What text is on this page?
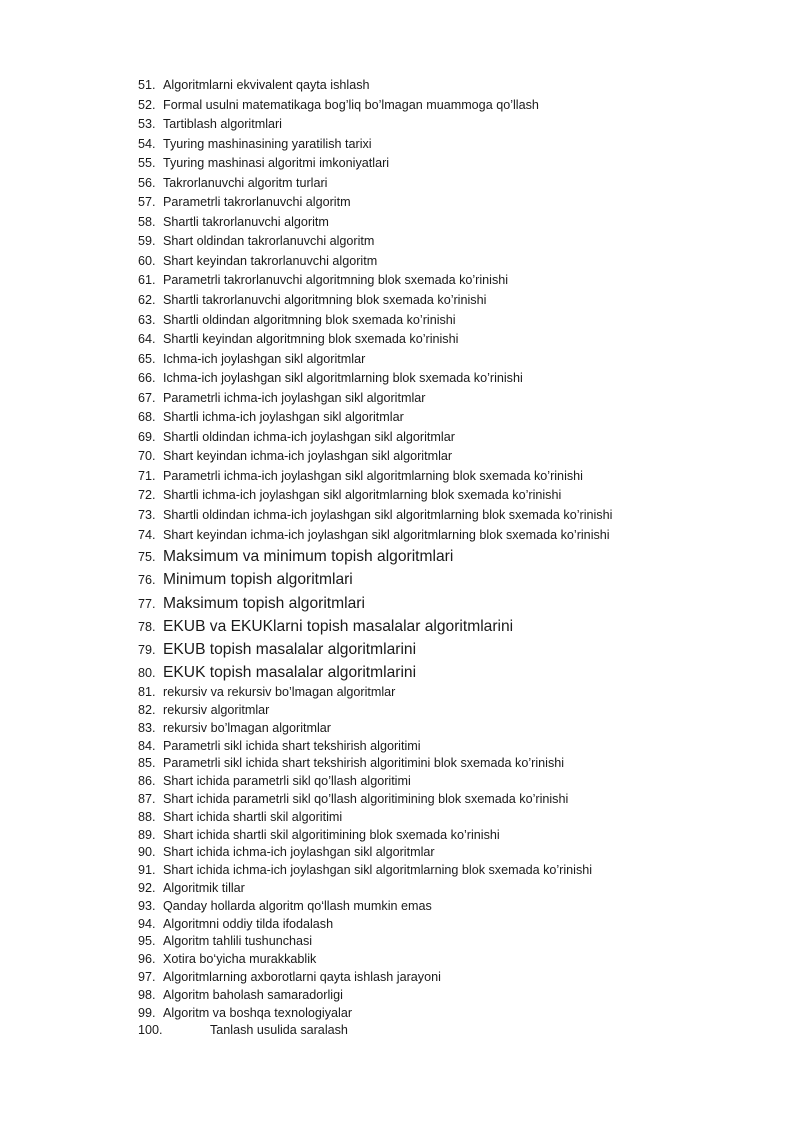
51. Algoritmlarni ekvivalent qayta ishlash
52. Formal usulni matematikaga bog’liq bo’lmagan muammoga qo’llash
53. Tartiblash algoritmlari
54. Tyuring mashinasining yaratilish tarixi
55. Tyuring mashinasi algoritmi imkoniyatlari
56. Takrorlanuvchi algoritm turlari
57. Parametrli takrorlanuvchi algoritm
58. Shartli takrorlanuvchi algoritm
59. Shart oldindan takrorlanuvchi algoritm
60. Shart keyindan takrorlanuvchi algoritm
61. Parametrli takrorlanuvchi algoritmning blok sxemada ko’rinishi
62. Shartli takrorlanuvchi algoritmning blok sxemada ko’rinishi
63. Shartli oldindan algoritmning blok sxemada ko’rinishi
64. Shartli keyindan algoritmning blok sxemada ko’rinishi
65. Ichma-ich joylashgan sikl algoritmlar
66. Ichma-ich joylashgan sikl algoritmlarning blok sxemada ko’rinishi
67. Parametrli ichma-ich joylashgan sikl algoritmlar
68. Shartli ichma-ich joylashgan sikl algoritmlar
69. Shartli oldindan ichma-ich joylashgan sikl algoritmlar
70. Shart keyindan ichma-ich joylashgan sikl algoritmlar
71. Parametrli ichma-ich joylashgan sikl algoritmlarning blok sxemada ko’rinishi
72. Shartli ichma-ich joylashgan sikl algoritmlarning blok sxemada ko’rinishi
73. Shartli oldindan ichma-ich joylashgan sikl algoritmlarning blok sxemada ko’rinishi
74. Shart keyindan ichma-ich joylashgan sikl algoritmlarning blok sxemada ko’rinishi
75. Maksimum va minimum topish algoritmlari
76. Minimum topish algoritmlari
77. Maksimum topish algoritmlari
78. EKUB va EKUKlarni topish masalalar algoritmlarini
79. EKUB topish masalalar algoritmlarini
80. EKUK topish masalalar algoritmlarini
81. rekursiv va rekursiv bo’lmagan algoritmlar
82. rekursiv algoritmlar
83. rekursiv bo’lmagan algoritmlar
84. Parametrli sikl ichida shart tekshirish algoritimi
85. Parametrli sikl ichida shart tekshirish algoritimini blok sxemada ko’rinishi
86. Shart ichida parametrli sikl qo’llash algoritimi
87. Shart ichida parametrli sikl qo’llash algoritimining blok sxemada ko’rinishi
88. Shart ichida shartli skil algoritimi
89. Shart ichida shartli skil algoritimining blok sxemada ko’rinishi
90. Shart ichida ichma-ich joylashgan sikl algoritmlar
91. Shart ichida ichma-ich joylashgan sikl algoritmlarning blok sxemada ko’rinishi
92. Algoritmik tillar
93. Qanday hollarda algoritm qo‘llash mumkin emas
94. Algoritmni oddiy tilda ifodalash
95. Algoritm tahlili tushunchasi
96. Xotira bo‘yicha murakkablik
97. Algoritmlarning axborotlarni qayta ishlash jarayoni
98. Algoritm baholash samaradorligi
99. Algoritm va boshqa texnologiyalar
100.	Tanlash usulida saralash
